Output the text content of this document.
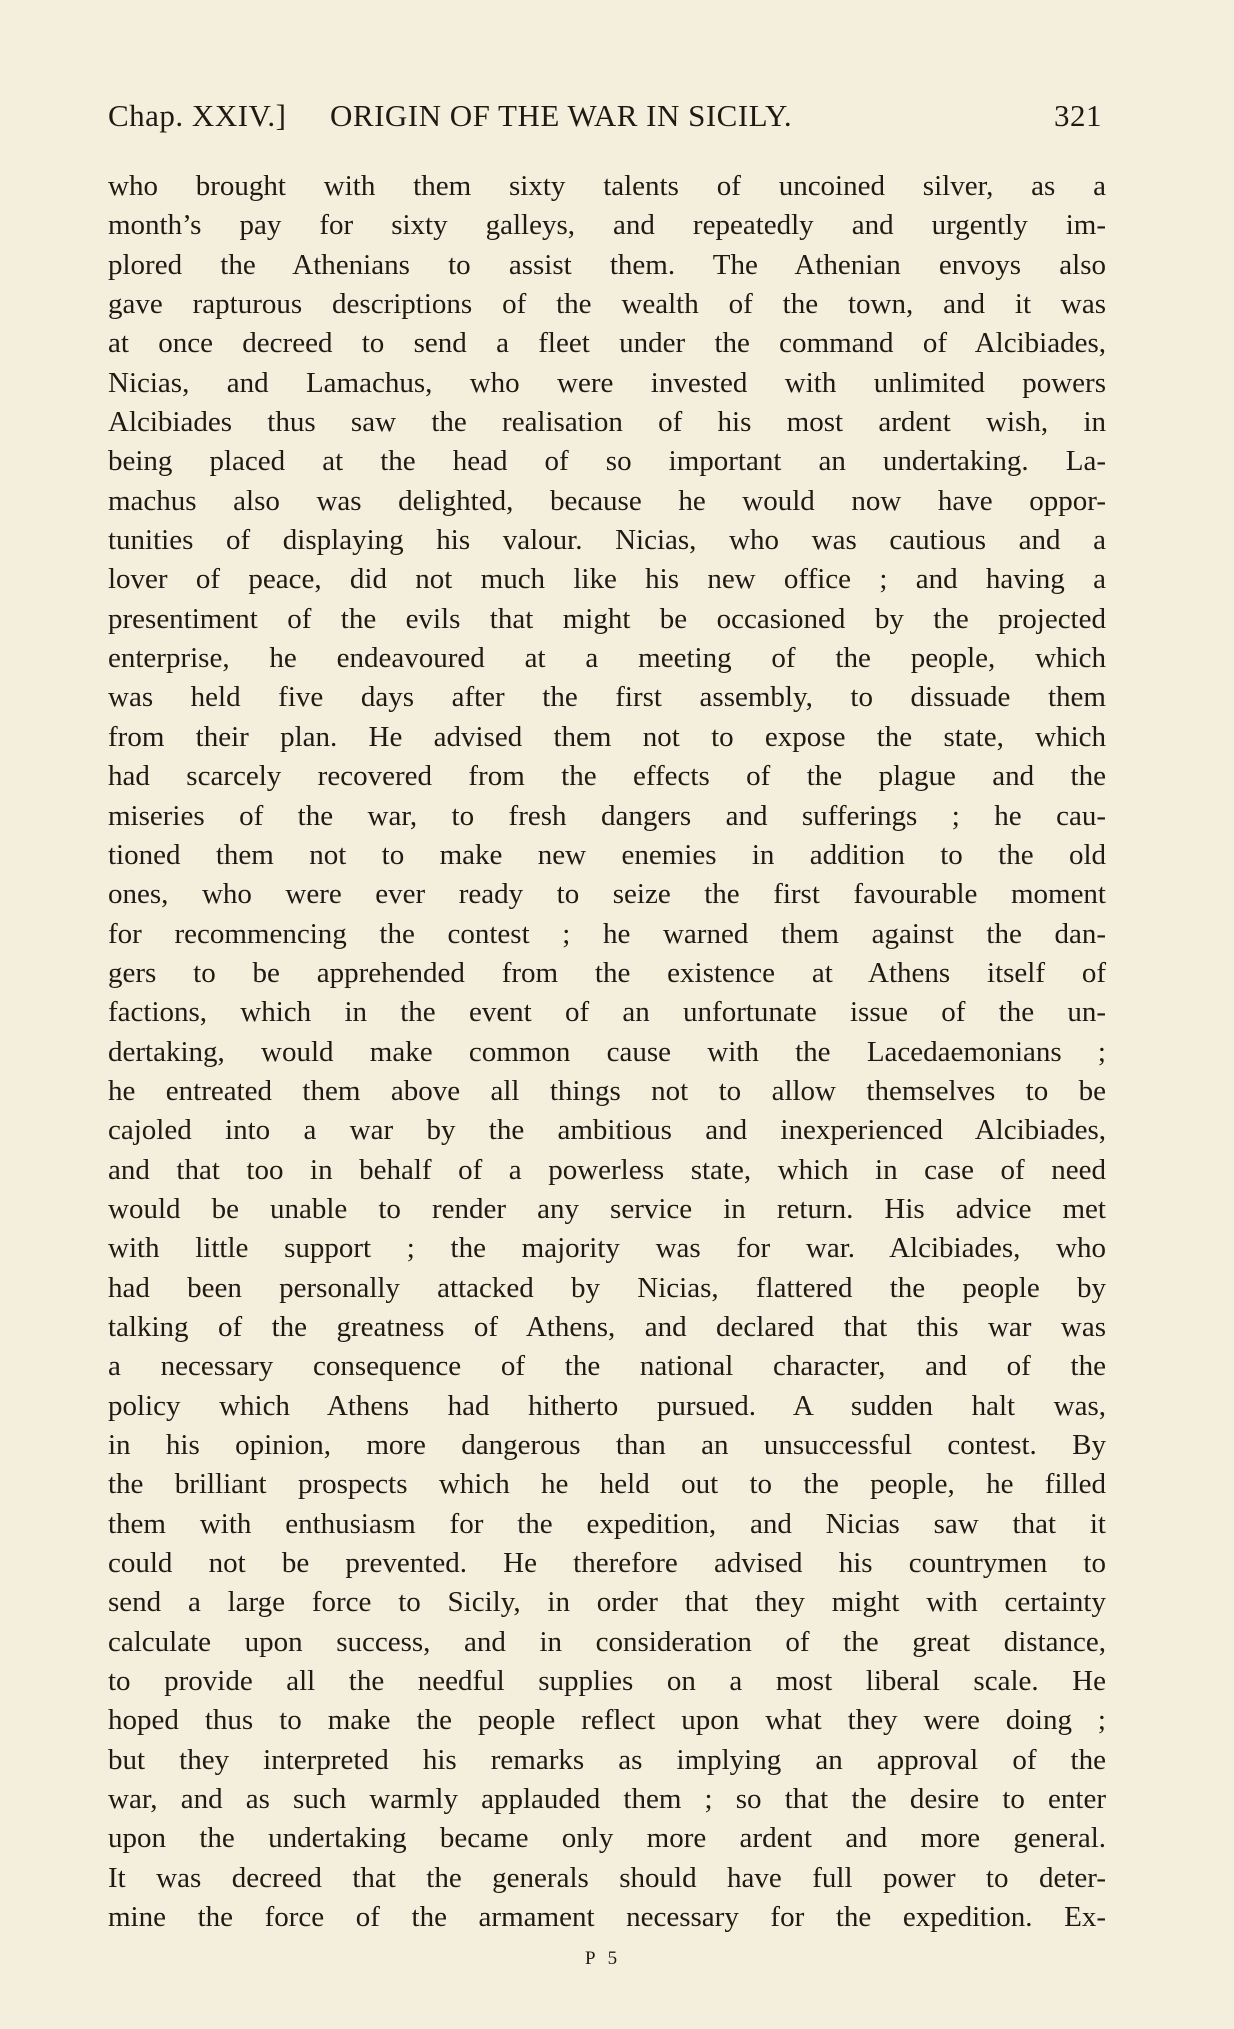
Chap. XXIV.] ORIGIN OF THE WAR IN SICILY.	321
who brought with them sixty talents of uncoined silver, as a
month’s pay for sixty galleys, and repeatedly and urgently im-
plored the Athenians to assist them. The Athenian envoys also
gave rapturous descriptions of the wealth of the town, and it was
at once decreed to send a fleet under the command of Alcibiades,
Nicias, and Lamachus, who were invested with unlimited powers
Alcibiades thus saw the realisation of his most ardent wish, in
being placed at the head of so important an undertaking. La-
machus also was delighted, because he would now have oppor-
tunities of displaying his valour. Nicias, who was cautious and a
lover of peace, did not much like his new office ; and having a
presentiment of the evils that might be occasioned by the projected
enterprise, he endeavoured at a meeting of the people, which
was held five days after the first assembly, to dissuade them
from their plan. He advised them not to expose the state, which
had scarcely recovered from the effects of the plague and the
miseries of the war, to fresh dangers and sufferings ; he cau-
tioned them not to make new enemies in addition to the old
ones, who were ever ready to seize the first favourable moment
for recommencing the contest ; he warned them against the dan-
gers to be apprehended from the existence at Athens itself of
factions, which in the event of an unfortunate issue of the un-
dertaking, would make common cause with the Lacedaemonians ;
he entreated them above all things not to allow themselves to be
cajoled into a war by the ambitious and inexperienced Alcibiades,
and that too in behalf of a powerless state, which in case of need
would be unable to render any service in return. His advice met
with little support ; the majority was for war. Alcibiades, who
had been personally attacked by Nicias, flattered the people by
talking of the greatness of Athens, and declared that this war was
a necessary consequence of the national character, and of the
policy which Athens had hitherto pursued. A sudden halt was,
in his opinion, more dangerous than an unsuccessful contest. By
the brilliant prospects which he held out to the people, he filled
them with enthusiasm for the expedition, and Nicias saw that it
could not be prevented. He therefore advised his countrymen to
send a large force to Sicily, in order that they might with certainty
calculate upon success, and in consideration of the great distance,
to provide all the needful supplies on a most liberal scale. He
hoped thus to make the people reflect upon what they were doing ;
but they interpreted his remarks as implying an approval of the
war, and as such warmly applauded them ; so that the desire to enter
upon the undertaking became only more ardent and more general.
It was decreed that the generals should have full power to deter-
mine the force of the armament necessary for the expedition. Ex-
P 5
